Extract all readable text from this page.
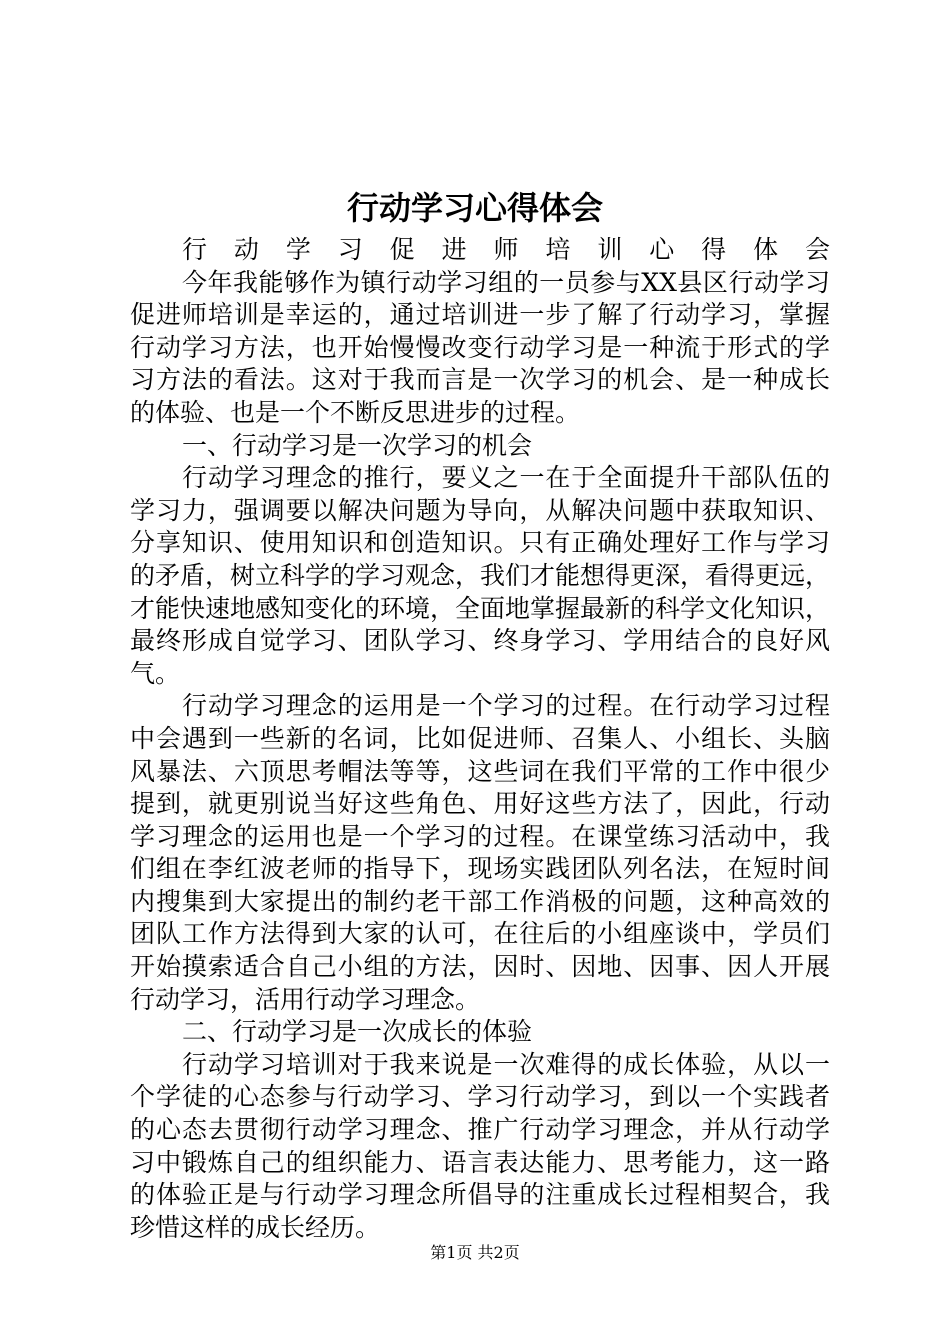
行动学习心得体会
行动学习促进师培训心得体会
今年我能够作为镇行动学习组的一员参与XX县区行动学习
促进师培训是幸运的，通过培训进一步了解了行动学习，掌握
行动学习方法，也开始慢慢改变行动学习是一种流于形式的学
习方法的看法。这对于我而言是一次学习的机会、是一种成长
的体验、也是一个不断反思进步的过程。
一、行动学习是一次学习的机会
行动学习理念的推行，要义之一在于全面提升干部队伍的
学习力，强调要以解决问题为导向，从解决问题中获取知识、
分享知识、使用知识和创造知识。只有正确处理好工作与学习
的矛盾，树立科学的学习观念，我们才能想得更深，看得更远，
才能快速地感知变化的环境，全面地掌握最新的科学文化知识，
最终形成自觉学习、团队学习、终身学习、学用结合的良好风
气。
行动学习理念的运用是一个学习的过程。在行动学习过程
中会遇到一些新的名词，比如促进师、召集人、小组长、头脑
风暴法、六顶思考帽法等等，这些词在我们平常的工作中很少
提到，就更别说当好这些角色、用好这些方法了，因此，行动
学习理念的运用也是一个学习的过程。在课堂练习活动中，我
们组在李红波老师的指导下，现场实践团队列名法，在短时间
内搜集到大家提出的制约老干部工作消极的问题，这种高效的
团队工作方法得到大家的认可，在往后的小组座谈中，学员们
开始摸索适合自己小组的方法，因时、因地、因事、因人开展
行动学习，活用行动学习理念。
二、行动学习是一次成长的体验
行动学习培训对于我来说是一次难得的成长体验，从以一
个学徒的心态参与行动学习、学习行动学习，到以一个实践者
的心态去贯彻行动学习理念、推广行动学习理念，并从行动学
习中锻炼自己的组织能力、语言表达能力、思考能力，这一路
的体验正是与行动学习理念所倡导的注重成长过程相契合，我
珍惜这样的成长经历。
第1页 共2页
